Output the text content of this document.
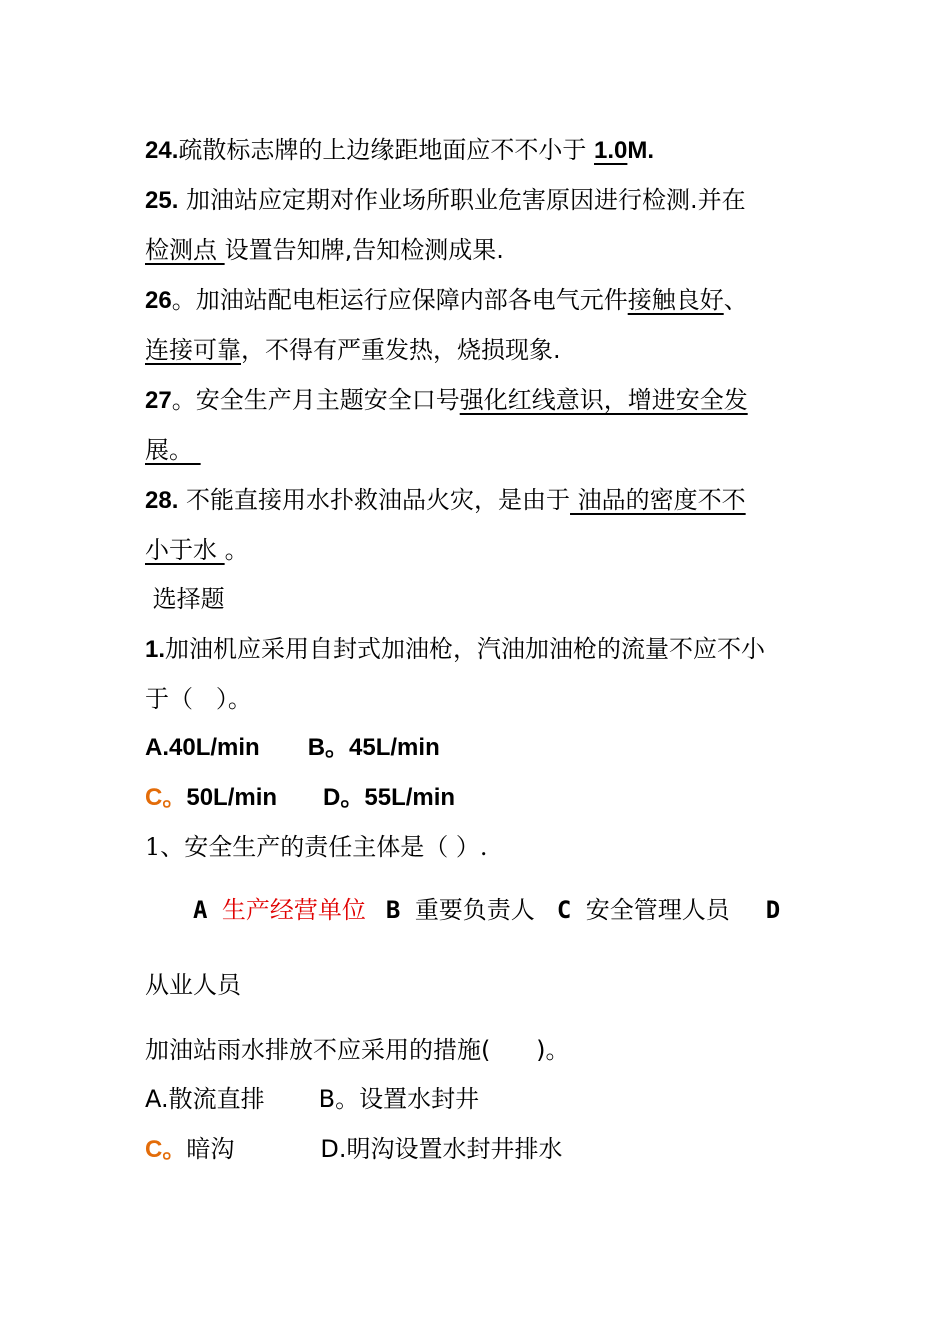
24.疏散标志牌的上边缘距地面应不不小于 1.0M.
25. 加油站应定期对作业场所职业危害原因进行检测.并在
检测点 设置告知牌,告知检测成果.
26。加油站配电柜运行应保障内部各电气元件接触良好、
连接可靠，不得有严重发热，烧损现象.
27。安全生产月主题安全口号强化红线意识，增进安全发
展。
28. 不能直接用水扑救油品火灾，是由于 油品的密度不不
小于水 。
选择题
1.加油机应采用自封式加油枪，汽油加油枪的流量不应不小
于（   ）。
A.40L/min B。45L/min
C。50L/min D。55L/min
1、安全生产的责任主体是（ ）.
A 生产经营单位 B 重要负责人 C 安全管理人员 D
从业人员
加油站雨水排放不应采用的措施(      )。
A.散流直排 B。设置水封井
C。暗沟	D.明沟设置水封井排水
